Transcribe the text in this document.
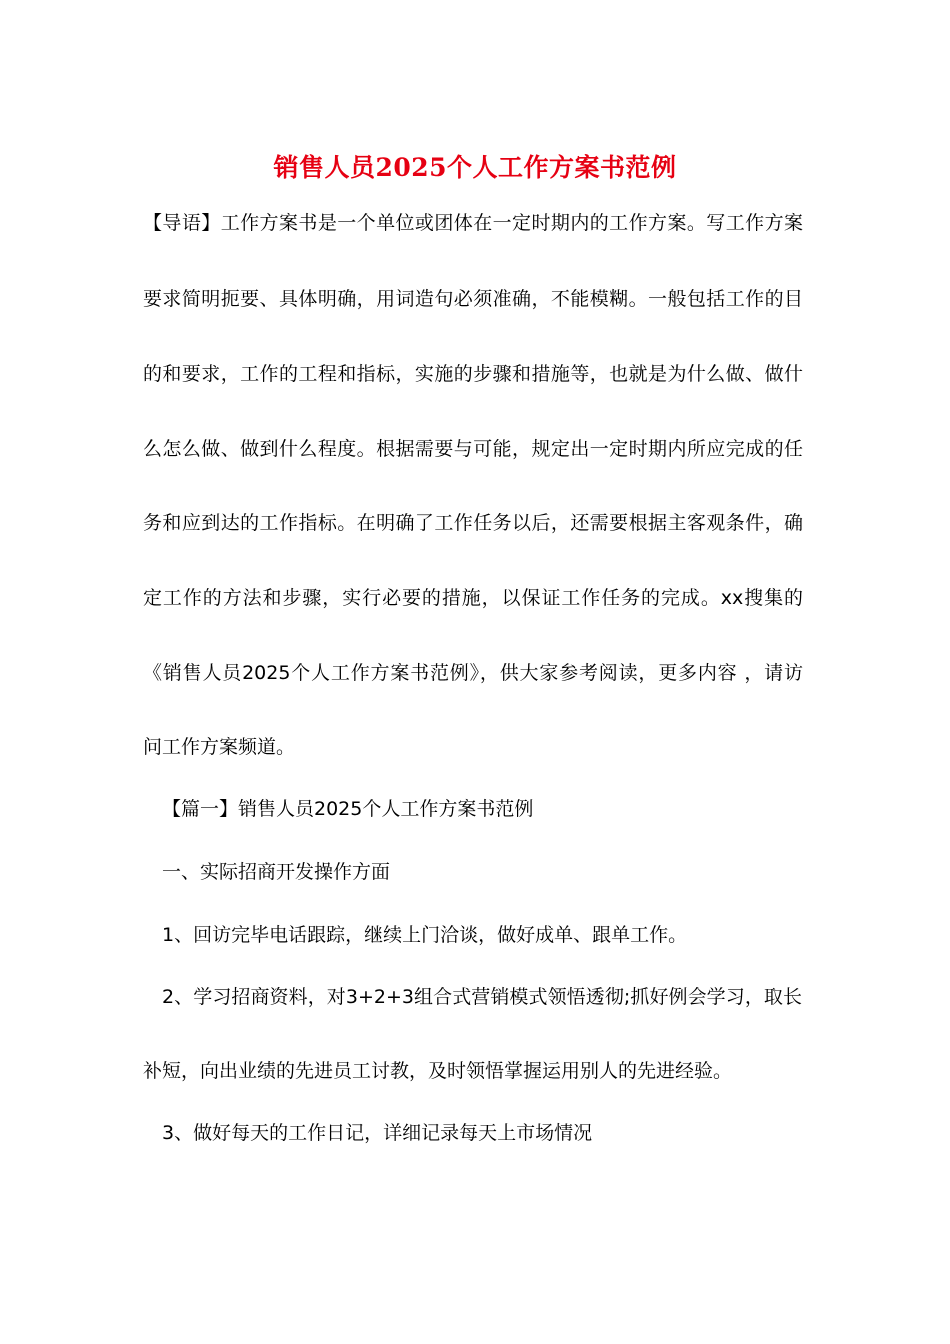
销售人员2025个人工作方案书范例
【导语】工作方案书是一个单位或团体在一定时期内的工作方案。写工作方案
要求简明扼要、具体明确，用词造句必须准确，不能模糊。一般包括工作的目
的和要求，工作的工程和指标，实施的步骤和措施等，也就是为什么做、做什
么怎么做、做到什么程度。根据需要与可能，规定出一定时期内所应完成的任
务和应到达的工作指标。在明确了工作任务以后，还需要根据主客观条件，确
定工作的方法和步骤，实行必要的措施，以保证工作任务的完成。xx搜集的
《销售人员2025个人工作方案书范例》，供大家参考阅读，更多内容 ，请访
问工作方案频道。
【篇一】销售人员2025个人工作方案书范例
一、实际招商开发操作方面
1、回访完毕电话跟踪，继续上门洽谈，做好成单、跟单工作。
2、学习招商资料，对3+2+3组合式营销模式领悟透彻;抓好例会学习，取长
补短，向出业绩的先进员工讨教，及时领悟掌握运用别人的先进经验。
3、做好每天的工作日记，详细记录每天上市场情况
